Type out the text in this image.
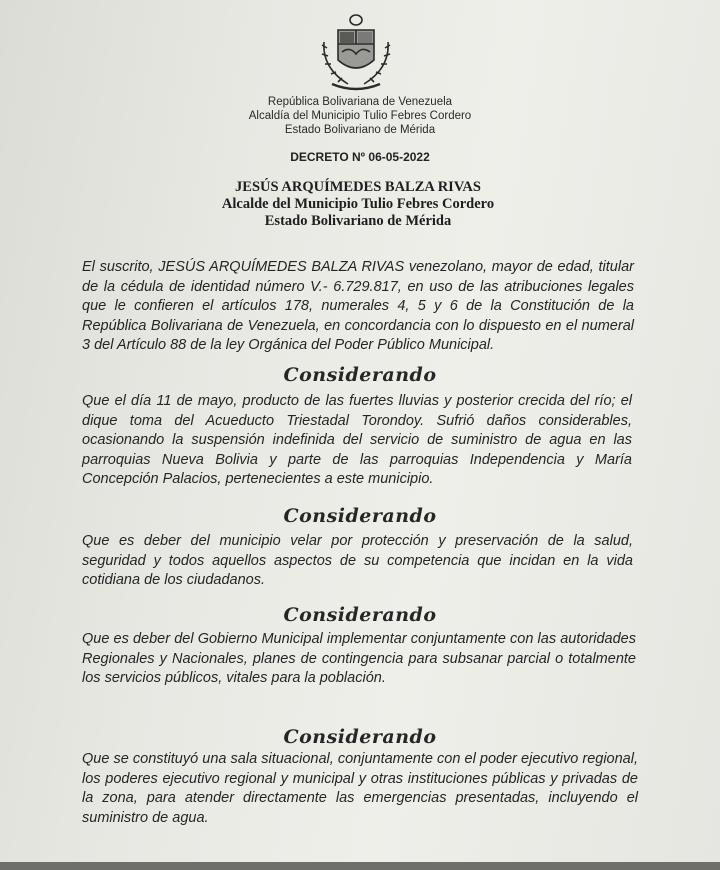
República Bolivariana de Venezuela
Alcaldía del Municipio Tulio Febres Cordero
Estado Bolivariano de Mérida
DECRETO Nº 06-05-2022
JESÚS ARQUÍMEDES BALZA RIVAS
Alcalde del Municipio Tulio Febres Cordero
Estado Bolivariano de Mérida
El suscrito, JESÚS ARQUÍMEDES BALZA RIVAS venezolano, mayor de edad, titular de la cédula de identidad número V.- 6.729.817, en uso de las atribuciones legales que le confieren el artículos 178, numerales 4, 5 y 6 de la Constitución de la República Bolivariana de Venezuela, en concordancia con lo dispuesto en el numeral 3 del Artículo 88 de la ley Orgánica del Poder Público Municipal.
Considerando
Que el día 11 de mayo, producto de las fuertes lluvias y posterior crecida del río; el dique toma del Acueducto Triestadal Torondoy. Sufrió daños considerables, ocasionando la suspensión indefinida del servicio de suministro de agua en las parroquias Nueva Bolivia y parte de las parroquias Independencia y María Concepción Palacios, pertenecientes a este municipio.
Considerando
Que es deber del municipio velar por protección y preservación de la salud, seguridad y todos aquellos aspectos de su competencia que incidan en la vida cotidiana de los ciudadanos.
Considerando
Que es deber del Gobierno Municipal implementar conjuntamente con las autoridades Regionales y Nacionales, planes de contingencia para subsanar parcial o totalmente los servicios públicos, vitales para la población.
Considerando
Que se constituyó una sala situacional, conjuntamente con el poder ejecutivo regional, los poderes ejecutivo regional y municipal y otras instituciones públicas y privadas de la zona, para atender directamente las emergencias presentadas, incluyendo el suministro de agua.
